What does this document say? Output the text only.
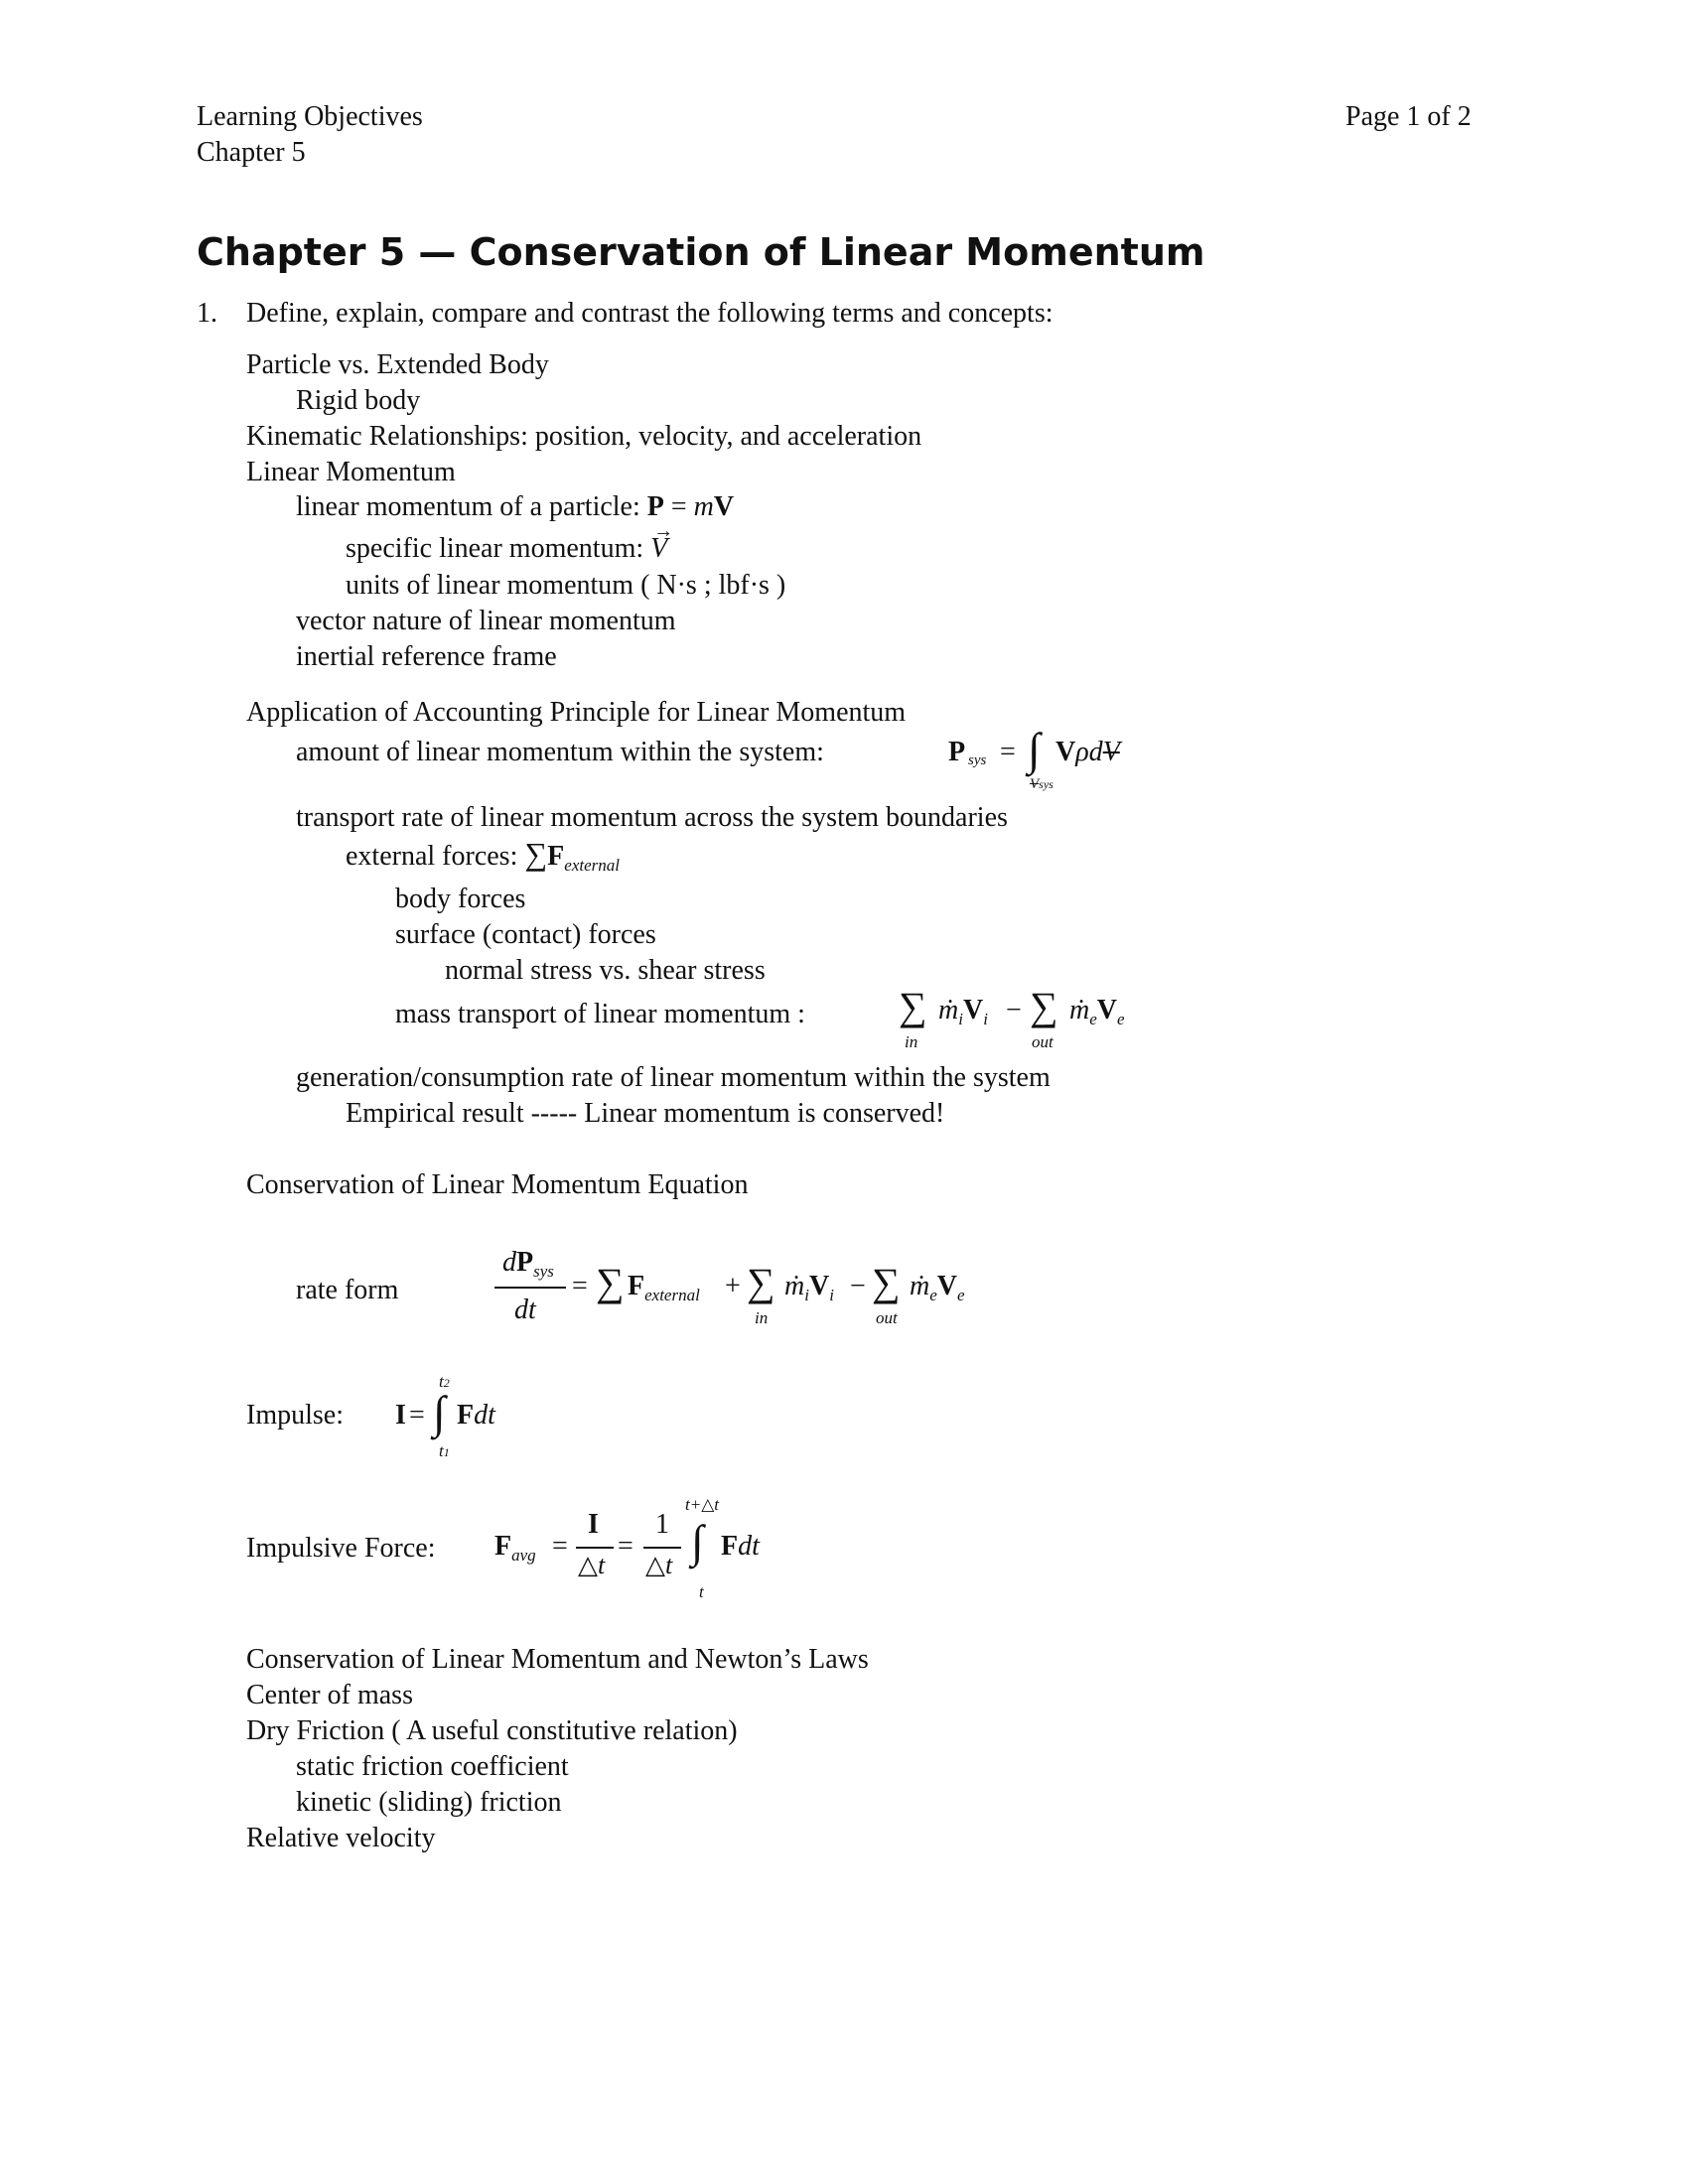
Learning Objectives
Chapter 5
Page 1 of 2
Chapter 5 — Conservation of Linear Momentum
1. Define, explain, compare and contrast the following terms and concepts:
Particle vs. Extended Body
Rigid body
Kinematic Relationships: position, velocity, and acceleration
Linear Momentum
linear momentum of a particle: P = mV
specific linear momentum: → V
units of linear momentum ( N·s ; lbf·s )
vector nature of linear momentum
inertial reference frame
Application of Accounting Principle for Linear Momentum
amount of linear momentum within the system:	P sys = ∫
Vsys
VρdV
transport rate of linear momentum across the system boundaries
external forces: $\sum F_{external}$
body forces
surface (contact) forces
normal stress vs. shear stress
mass transport of linear momentum : ∑
in
$ṁ_iV_i$ − ∑
out
$ṁ_eV_e$
generation/consumption rate of linear momentum within the system
Empirical result ----- Linear momentum is conserved!
Conservation of Linear Momentum Equation
rate form
$dP_{sys}$
dt
= ∑ $F_{external}$ + ∑
in
$ṁ_iV_i$ − ∑
out
$ṁ_eV_e$
Impulse: I = ∫
t2
t1
Fdt
Impulsive Force: $F_{avg}$ =
I
△t
=
1
△t ∫
t+△t
t
Fdt
Conservation of Linear Momentum and Newton’s Laws
Center of mass
Dry Friction ( A useful constitutive relation)
static friction coefficient
kinetic (sliding) friction
Relative velocity
